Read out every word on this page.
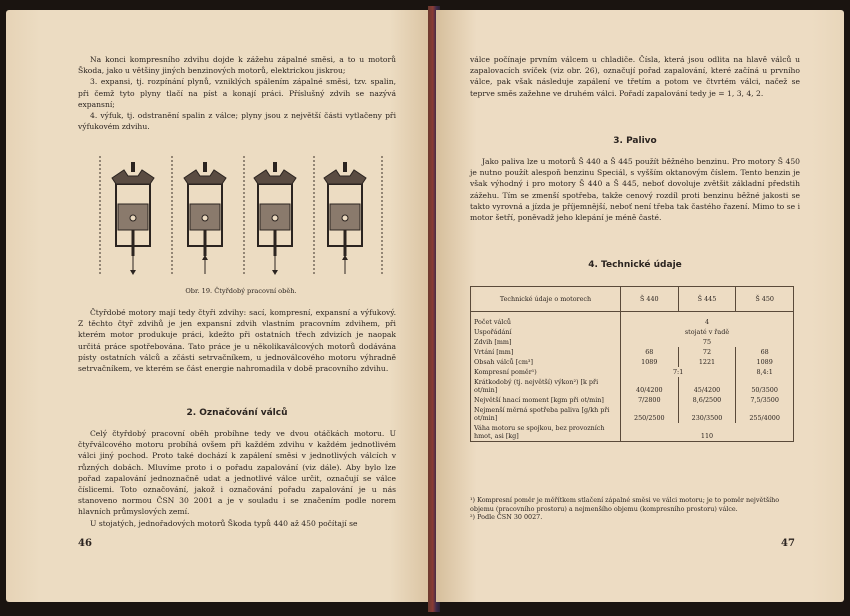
Na konci kompresního zdvihu dojde k zážehu zápalné směsi, a to u motorů Škoda, jako u většiny jiných benzinových motorů, elektrickou jiskrou;

3. expansi, tj. rozpínání plynů, vzniklých spálením zápalné směsi, tzv. spalin, při čemž tyto plyny tlačí na píst a konají práci. Příslušný zdvih se nazývá expansní;

4. výfuk, tj. odstranění spalin z válce; plyny jsou z největší části vytlačeny při výfukovém zdvihu.

Obr. 19. Čtyřdobý pracovní oběh.

Čtyřdobé motory mají tedy čtyři zdvihy: sací, kompresní, expansní a výfukový. Z těchto čtyř zdvihů je jen expansní zdvih vlastním pracovním zdvihem, při kterém motor produkuje práci, kdežto při ostatních třech zdvizích je naopak určitá práce spotřebována. Tato práce je u několikaválcových motorů dodávána písty ostatních válců a zčásti setrvačníkem, u jednoválcového motoru výhradně setrvačníkem, ve kterém se část energie nahromadila v době pracovního zdvihu.

2. Označování válců

Celý čtyřdobý pracovní oběh probíhne tedy ve dvou otáčkách motoru. U čtyřválcového motoru probíhá ovšem při každém zdvihu v každém jednotlivém válci jiný pochod. Proto také dochází k zapálení směsi v jednotlivých válcích v různých dobách. Mluvíme proto i o pořadu zapalování (viz dále). Aby bylo lze pořad zapalování jednoznačně udat a jednotlivé válce určit, označují se válce číslicemi. Toto označování, jakož i označování pořadu zapalování je u nás stanoveno normou ČSN 30 2001 a je v souladu i se značením podle norem hlavních průmyslových zemí.

U stojatých, jednořadových motorů Škoda typů 440 až 450 počítají se

46

válce počínaje prvním válcem u chladiče. Čísla, která jsou odlita na hlavě válců u zapalovacích svíček (viz obr. 26), označují pořad zapalování, které začíná u prvního válce, pak však následuje zapálení ve třetím a potom ve čtvrtém válci, načež se teprve směs zažehne ve druhém válci. Pořadí zapalování tedy je = 1, 3, 4, 2.

3. Palivo

Jako paliva lze u motorů Š 440 a Š 445 použít běžného benzinu. Pro motory Š 450 je nutno použít alespoň benzinu Speciál, s vyšším oktanovým číslem. Tento benzin je však výhodný i pro motory Š 440 a Š 445, neboť dovoluje zvětšit základní předstih zážehu. Tím se zmenší spotřeba, takže cenový rozdíl proti benzinu běžné jakosti se takto vyrovná a jízda je příjemnější, neboť není třeba tak častého řazení. Mimo to se i motor šetří, poněvadž jeho klepání je méně časté.

4. Technické údaje
Technické údaje o motorech	Š 440	Š 445	Š 450
Počet válců	4		
Uspořádání	stojaté v řadě		
Zdvih [mm]	75		
Vrtání [mm]	68	72	68
Obsah válců [cm³]	1089	1221	1089
Kompresní poměr¹)	7:1		8,4:1
Krátkodobý (tj. největší) výkon²) [k při ot/min]	40/4200	45/4200	50/3500
Největší hnací moment [kgm při ot/min]	7/2800	8,6/2500	7,5/3500
Nejmenší měrná spotřeba paliva [g/kh při ot/min]	250/2500	230/3500	255/4000
Váha motoru se spojkou, bez provozních hmot, asi [kg]	110		

¹) Kompresní poměr je měřítkem stlačení zápalné směsi ve válci motoru; je to poměr největšího objemu (pracovního prostoru) a nejmenšího objemu (kompresního prostoru) válce.

²) Podle ČSN 30 0027.

47
